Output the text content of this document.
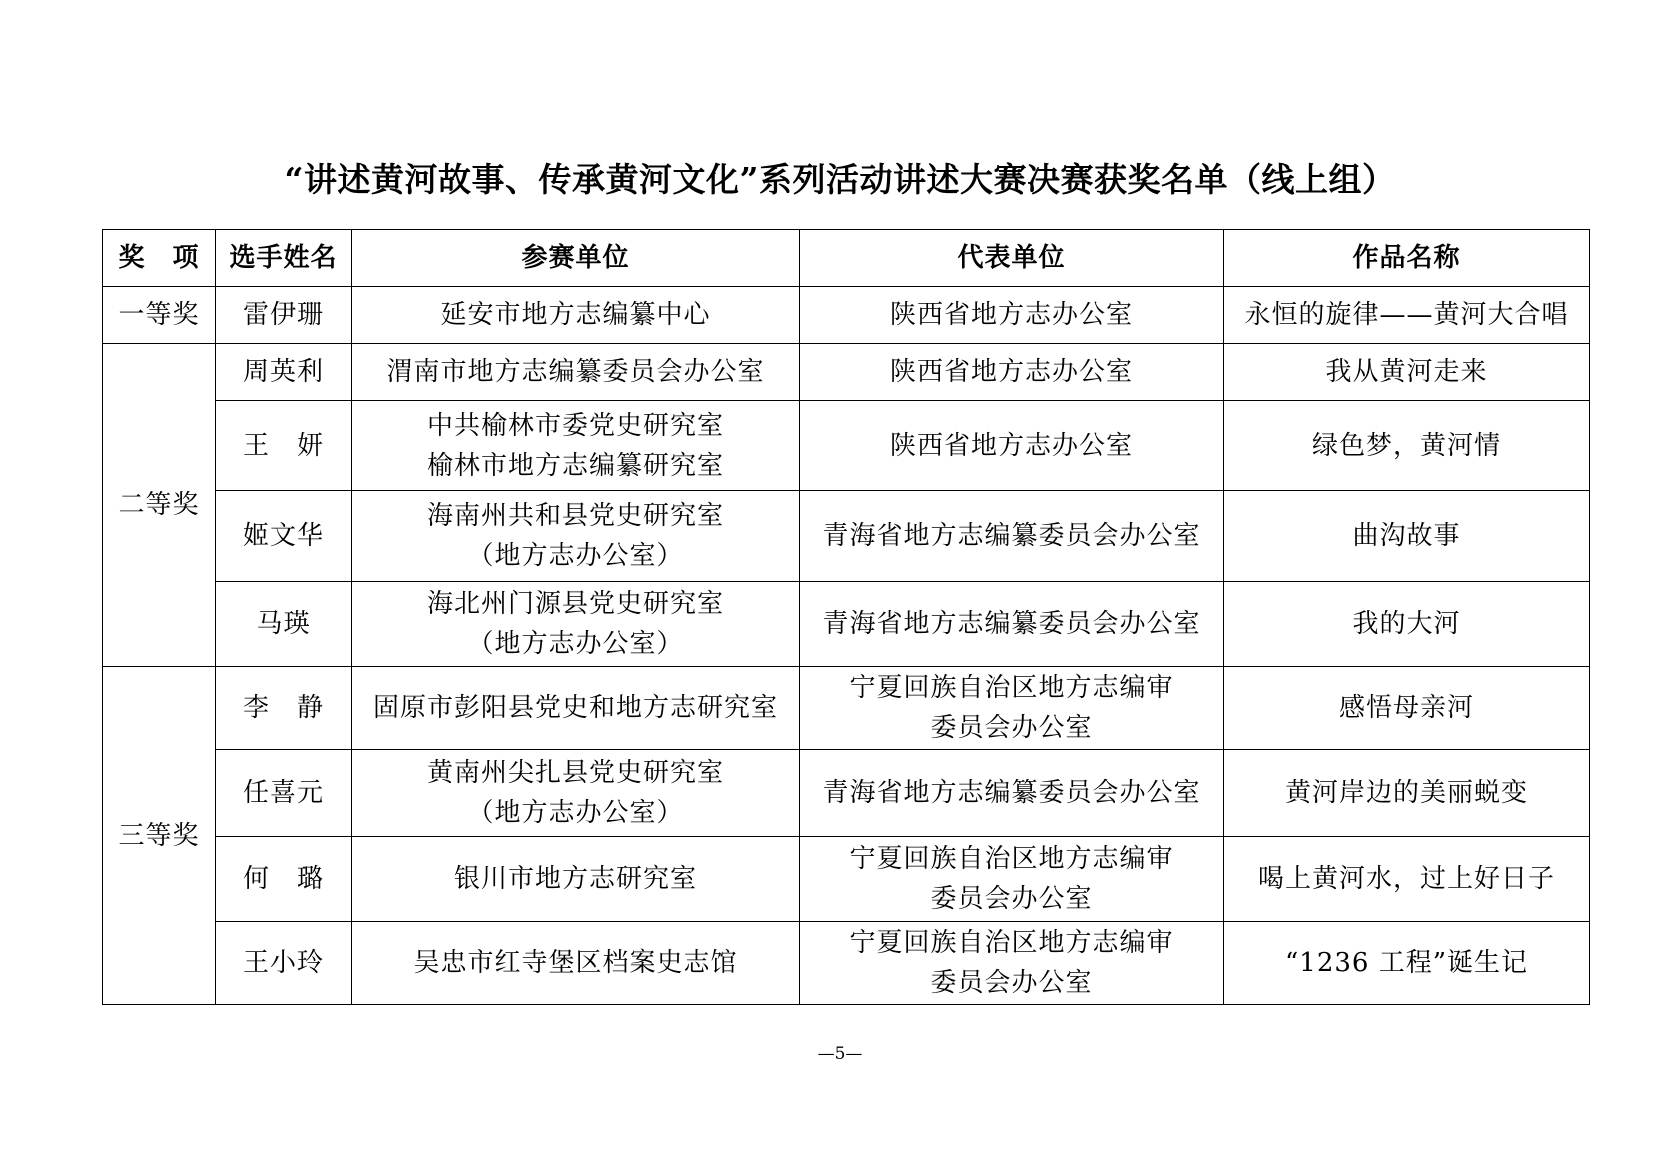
“讲述黄河故事、传承黄河文化”系列活动讲述大赛决赛获奖名单（线上组）
奖　项	选手姓名	参赛单位	代表单位	作品名称
一等奖	雷伊珊	延安市地方志编纂中心	陕西省地方志办公室	永恒的旋律——黄河大合唱

二等奖	周英利	渭南市地方志编纂委员会办公室	陕西省地方志办公室	我从黄河走来

	王　妍	中共榆林市委党史研究室
榆林市地方志编纂研究室	陕西省地方志办公室	绿色梦，黄河情

	姬文华	海南州共和县党史研究室
（地方志办公室）	青海省地方志编纂委员会办公室	曲沟故事

	马瑛	海北州门源县党史研究室
（地方志办公室）	青海省地方志编纂委员会办公室	我的大河

三等奖	李　静	固原市彭阳县党史和地方志研究室	宁夏回族自治区地方志编审
委员会办公室	感悟母亲河

	任喜元	黄南州尖扎县党史研究室
（地方志办公室）	青海省地方志编纂委员会办公室	黄河岸边的美丽蜕变

	何　璐	银川市地方志研究室	宁夏回族自治区地方志编审
委员会办公室	喝上黄河水，过上好日子

	王小玲	吴忠市红寺堡区档案史志馆	宁夏回族自治区地方志编审
委员会办公室	“1236 工程”诞生记
—5—
